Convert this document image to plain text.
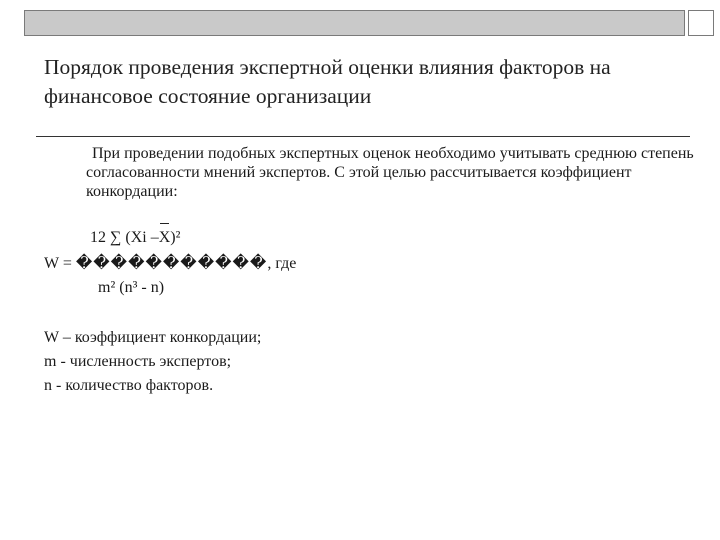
Порядок проведения экспертной оценки влияния факторов на финансовое состояние организации
При проведении подобных экспертных оценок необходимо учитывать среднюю степень согласованности мнений экспертов. С этой целью рассчитывается коэффициент конкордации:
12 ∑ (Xi –X)²
W = �����������, где
m² (n³ - n)
W – коэффициент конкордации;
m - численность экспертов;
n - количество факторов.
